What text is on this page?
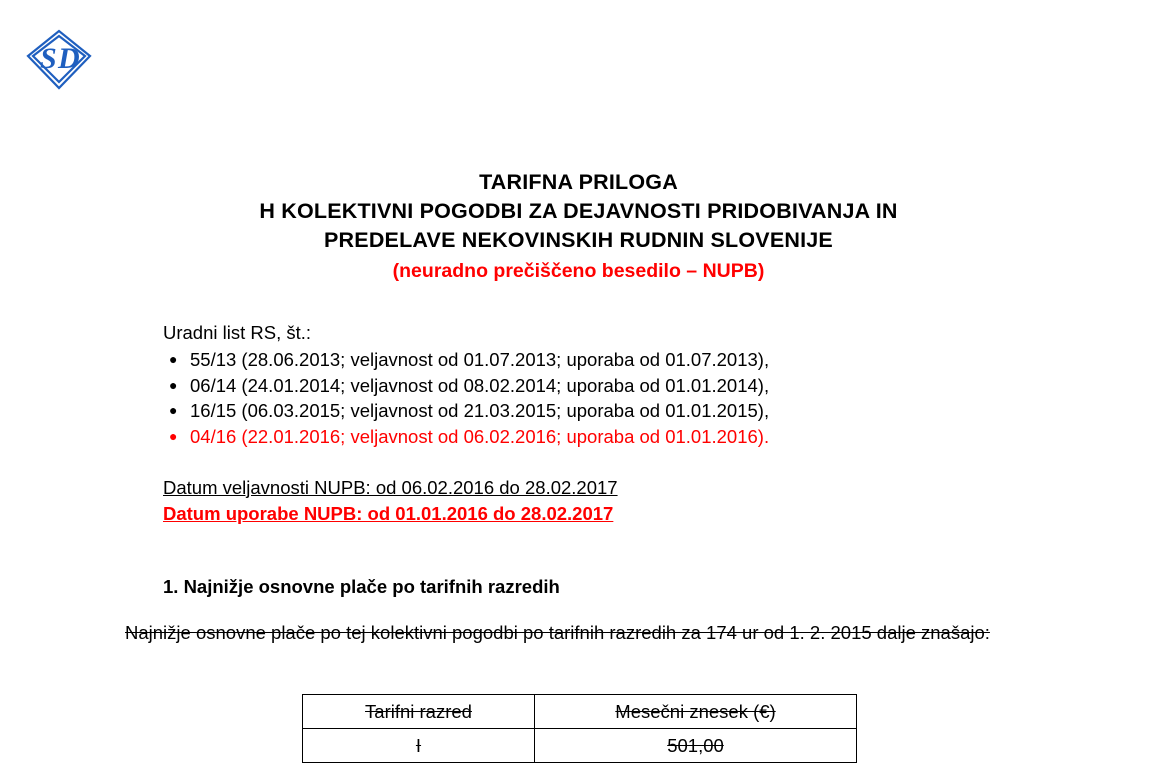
S D
TARIFNA PRILOGA
H KOLEKTIVNI POGODBI ZA DEJAVNOSTI PRIDOBIVANJA IN
PREDELAVE NEKOVINSKIH RUDNIN SLOVENIJE
(neuradno prečiščeno besedilo – NUPB)
Uradni list RS, št.:
● 55/13 (28.06.2013; veljavnost od 01.07.2013; uporaba od 01.07.2013),
● 06/14 (24.01.2014; veljavnost od 08.02.2014; uporaba od 01.01.2014),
● 16/15 (06.03.2015; veljavnost od 21.03.2015; uporaba od 01.01.2015),
● 04/16 (22.01.2016; veljavnost od 06.02.2016; uporaba od 01.01.2016).
Datum veljavnosti NUPB: od 06.02.2016 do 28.02.2017
Datum uporabe NUPB: od 01.01.2016 do 28.02.2017
1. Najnižje osnovne plače po tarifnih razredih
Najnižje osnovne plače po tej kolektivni pogodbi po tarifnih razredih za 174 ur od 1. 2. 2015 dalje znašajo:
Tarifni razred	Mesečni znesek (€)
I	501,00
